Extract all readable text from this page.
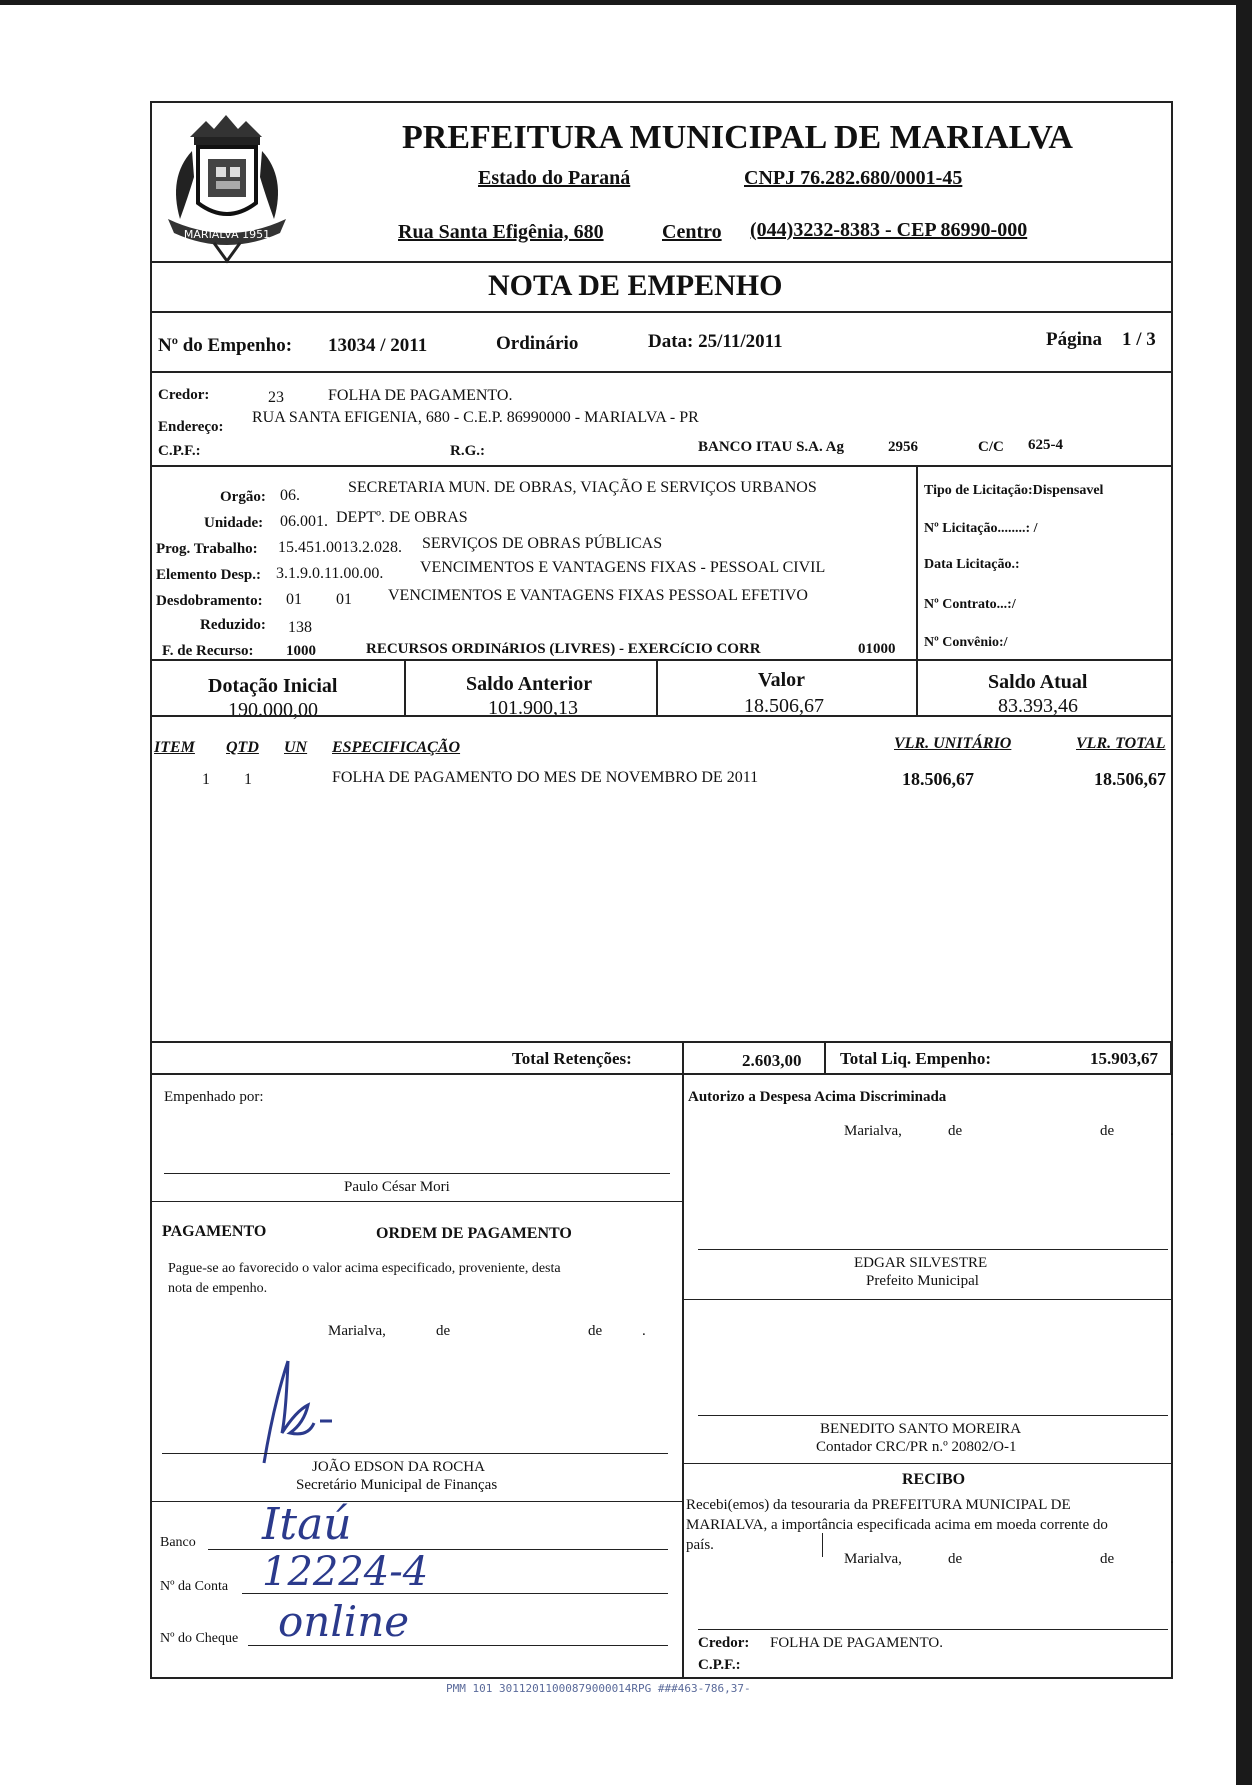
MARIALVA 1951
PREFEITURA MUNICIPAL DE MARIALVA
Estado do Paraná	CNPJ 76.282.680/0001-45
Rua Santa Efigênia, 680	Centro (044)3232-8383 - CEP 86990-000
NOTA DE EMPENHO
Nº do Empenho: 13034 / 2011	Ordinário	Data: 25/11/2011	Página 1 / 3
Credor:	23	FOLHA DE PAGAMENTO.
Endereço:
RUA SANTA EFIGENIA, 680 - C.E.P. 86990000 - MARIALVA - PR
C.P.F.:	R.G.:	BANCO ITAU S.A. Ag	2956	C/C 625-4
Orgão: 06.	SECRETARIA MUN. DE OBRAS, VIAÇÃO E SERVIÇOS URBANOS
Unidade: 06.001. DEPTº. DE OBRAS
Prog. Trabalho: 15.451.0013.2.028. SERVIÇOS DE OBRAS PÚBLICAS
Elemento Desp.: 3.1.9.0.11.00.00. VENCIMENTOS E VANTAGENS FIXAS - PESSOAL CIVIL
Desdobramento: 01 01 VENCIMENTOS E VANTAGENS FIXAS PESSOAL EFETIVO
Reduzido: 138
F. de Recurso: 1000	RECURSOS ORDINáRIOS (LIVRES) - EXERCíCIO CORR	01000
Tipo de Licitação:Dispensavel
Nº Licitação........: /
Data Licitação.:
Nº Contrato...:/
Nº Convênio:/
Dotação Inicial
190.000,00
Saldo Anterior
101.900,13
Valor
18.506,67
Saldo Atual
83.393,46
ITEM QTD UN ESPECIFICAÇÃO	VLR. UNITÁRIO	VLR. TOTAL
1 1	FOLHA DE PAGAMENTO DO MES DE NOVEMBRO DE 2011	18.506,67	18.506,67
Total Retenções:	2.603,00 Total Liq. Empenho:	15.903,67
Empenhado por:
Paulo César Mori
PAGAMENTO	ORDEM DE PAGAMENTO
Pague-se ao favorecido o valor acima especificado, proveniente, desta
nota de empenho.
Marialva,	de	de	.
JOÃO EDSON DA ROCHA
Secretário Municipal de Finanças
Banco Itaú
Nº da Conta 12224-4
Nº do Cheque online
Autorizo a Despesa Acima Discriminada
Marialva,	de	de	.
EDGAR SILVESTRE
Prefeito Municipal
BENEDITO SANTO MOREIRA
Contador CRC/PR n.º 20802/O-1
RECIBO
Recebi(emos) da tesouraria da PREFEITURA MUNICIPAL DE
MARIALVA, a importância especificada acima em moeda corrente do
país.
Marialva,	de	de	.
Credor: FOLHA DE PAGAMENTO.
C.P.F.:
PMM 101 30112011000879000014RPG ###463-786,37-
